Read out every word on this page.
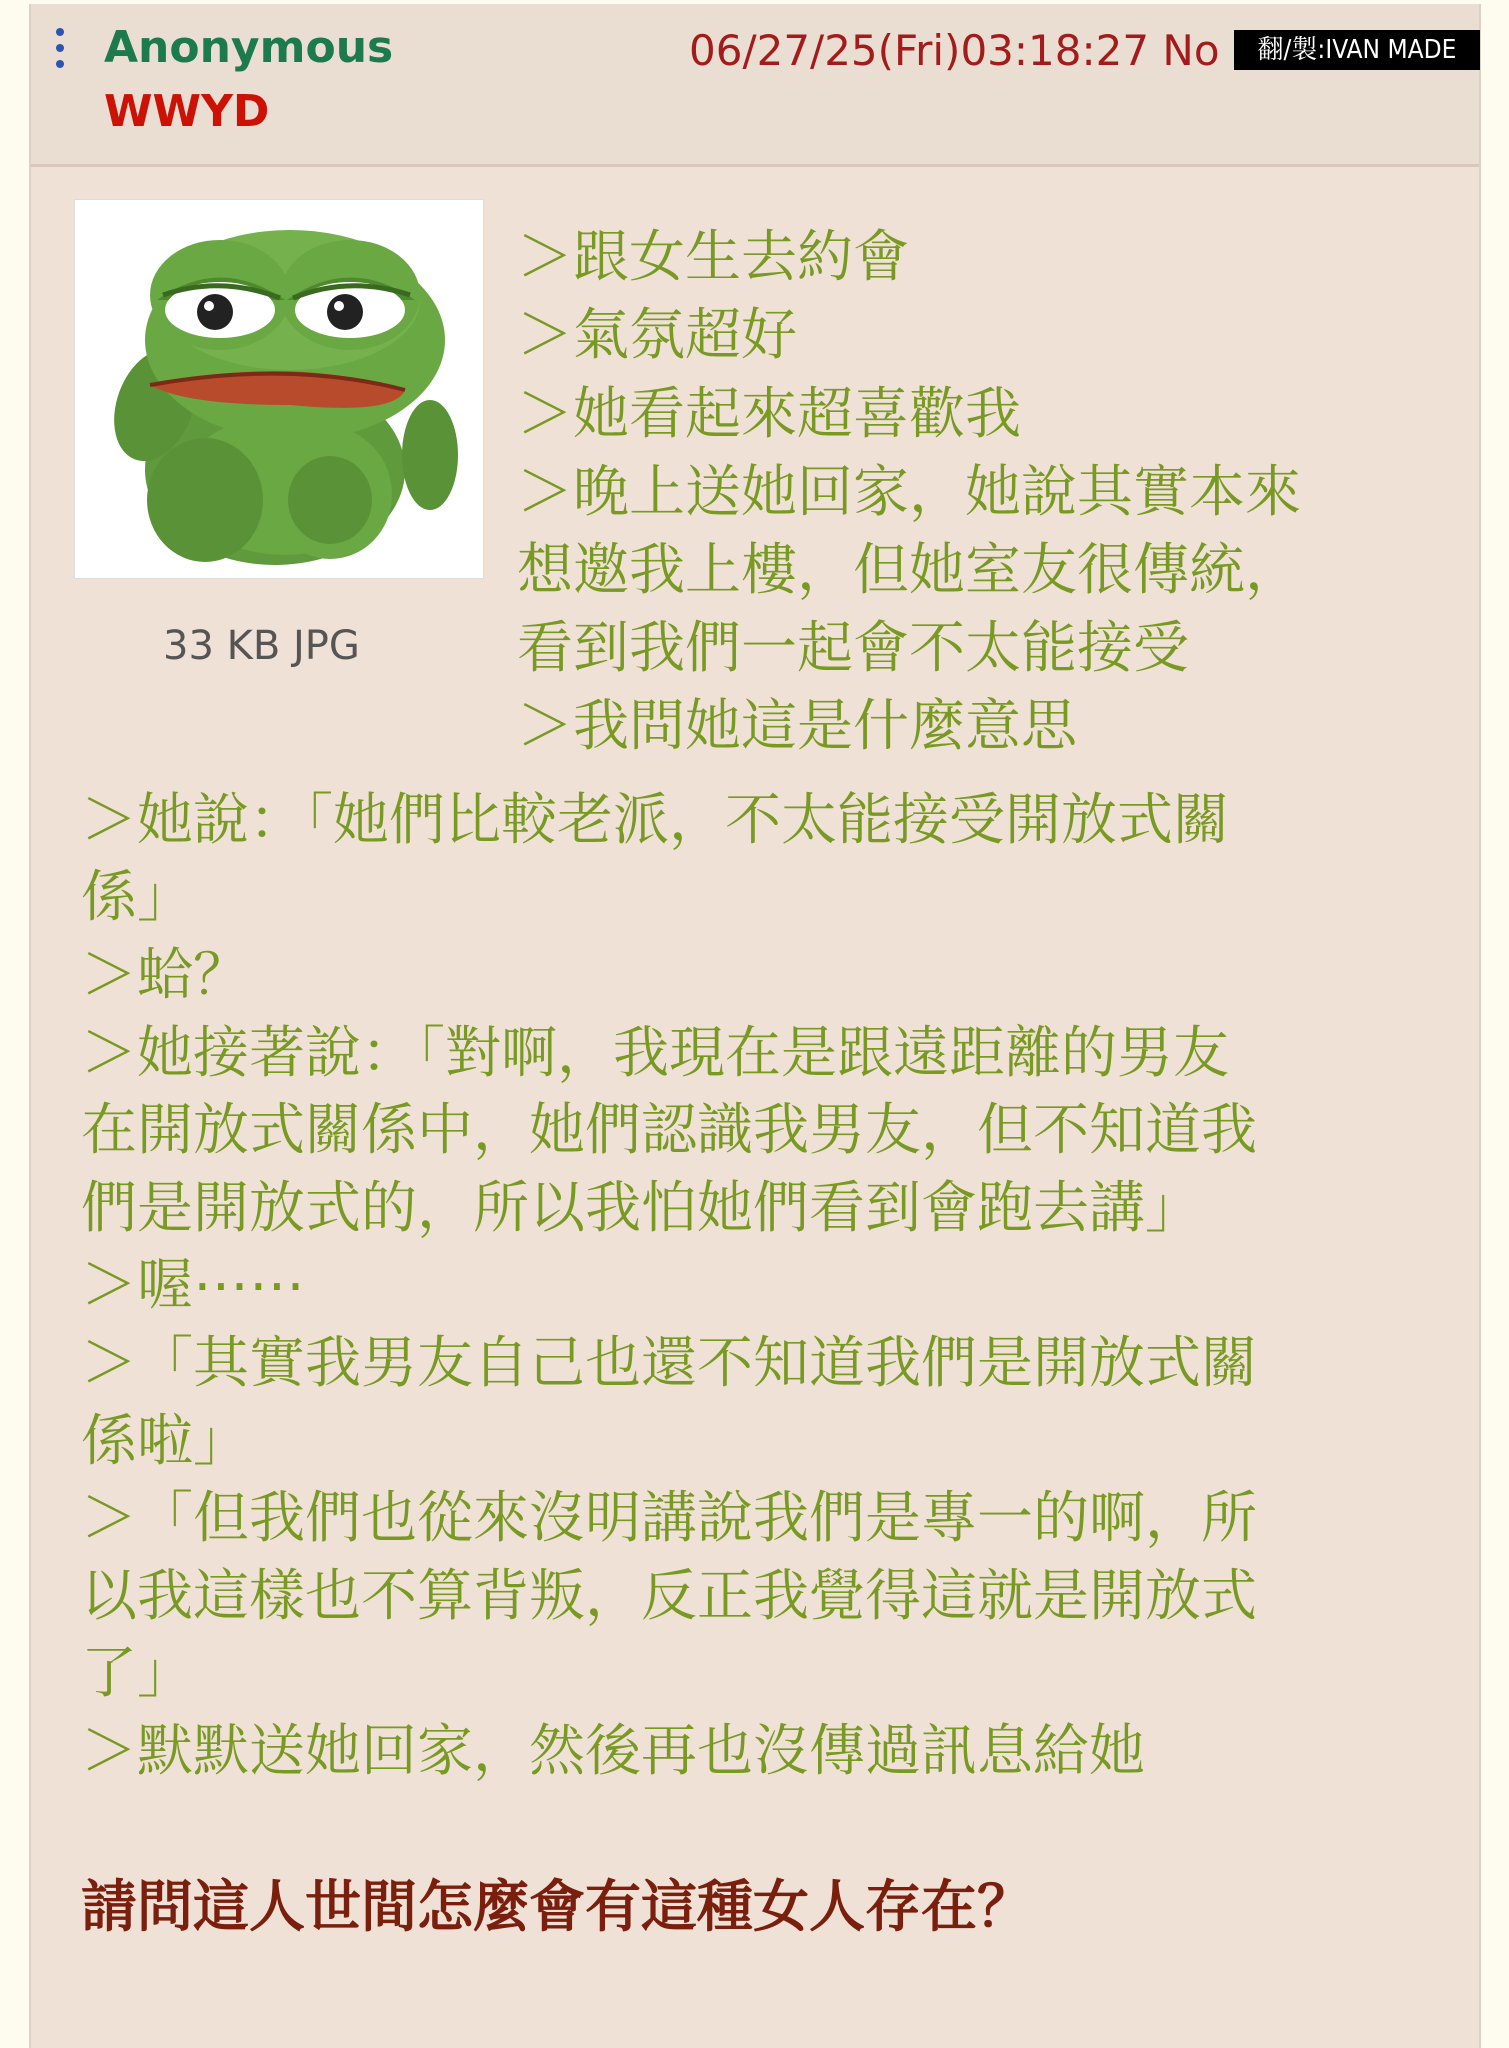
Anonymous
WWYD
06/27/25(Fri)03:18:27 No	翻/製:IVAN MADE
33 KB JPG
＞跟女生去約會
＞氣氛超好
＞她看起來超喜歡我
＞晚上送她回家，她說其實本來
想邀我上樓，但她室友很傳統，
看到我們一起會不太能接受
＞我問她這是什麼意思
＞她說：「她們比較老派，不太能接受開放式關
係」
＞蛤？
＞她接著說：「對啊，我現在是跟遠距離的男友
在開放式關係中，她們認識我男友，但不知道我
們是開放式的，所以我怕她們看到會跑去講」
＞喔⋯⋯
＞「其實我男友自己也還不知道我們是開放式關
係啦」
＞「但我們也從來沒明講說我們是專一的啊，所
以我這樣也不算背叛，反正我覺得這就是開放式
了」
＞默默送她回家，然後再也沒傳過訊息給她
請問這人世間怎麼會有這種女人存在？
